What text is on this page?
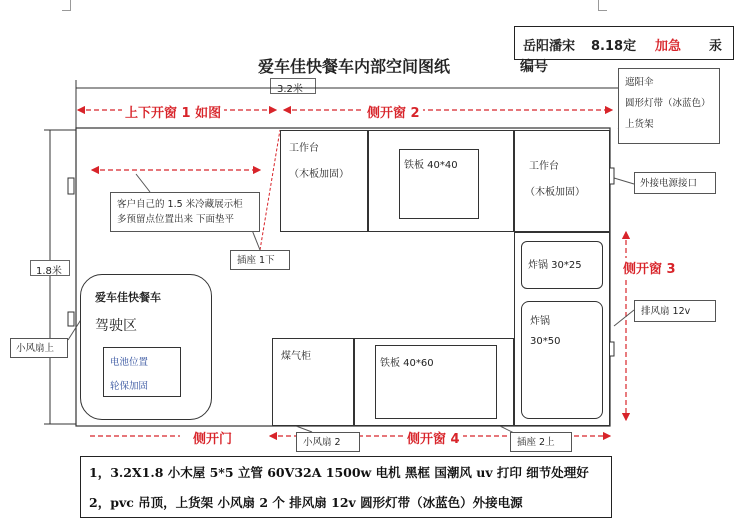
岳阳潘宋 8.18定 加急 汞
爱车佳快餐车内部空间图纸	编号
3.2米
上下开窗 1 如图	侧开窗 2
1.8米
工作台
（木板加固）
铁板 40*40	工作台
（木板加固）
炸锅 30*25
炸锅
30*50
煤气柜
铁板 40*60
爱车佳快餐车
驾驶区
电池位置
轮保加固
客户自己的 1.5 米冷藏展示柜
多预留点位置出来 下面垫平
插座 1下
小风扇上
小风扇 2	插座 2上
外接电源接口
排风扇 12v
遮阳伞
圆形灯带（冰蓝色）
上货架
侧开窗 3
侧开窗 4
侧开门
1，3.2X1.8 小木屋 5*5 立管 60V32A 1500w 电机 黑框 国潮风 uv 打印 细节处理好
2，pvc 吊顶，上货架 小风扇 2 个 排风扇 12v 圆形灯带（冰蓝色）外接电源
